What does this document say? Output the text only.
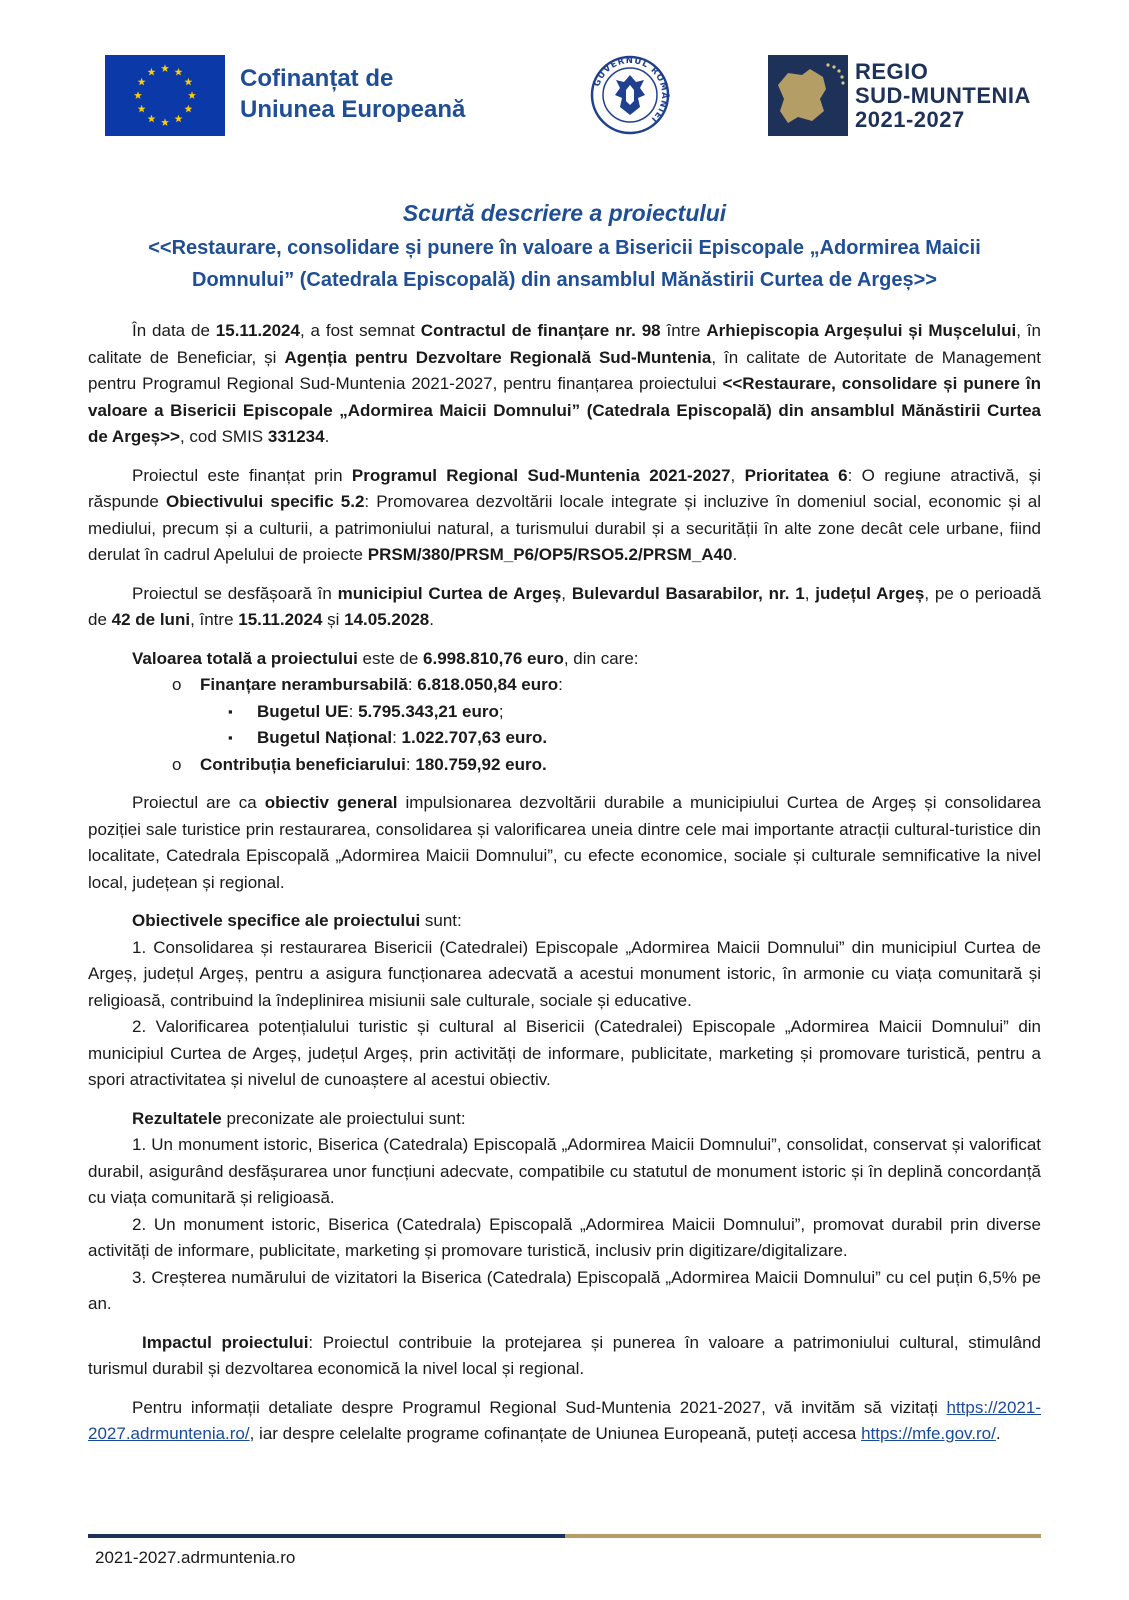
Cofinanțat de
Uniunea Europeană
GUVERNUL ROMÂNIEI
REGIO
SUD-MUNTENIA
2021-2027
Scurtă descriere a proiectului
<<Restaurare, consolidare și punere în valoare a Bisericii Episcopale „Adormirea Maicii
Domnului” (Catedrala Episcopală) din ansamblul Mănăstirii Curtea de Argeș>>

În data de 15.11.2024, a fost semnat Contractul de finanțare nr. 98 între Arhiepiscopia Argeșului și Mușcelului, în calitate de Beneficiar, și Agenția pentru Dezvoltare Regională Sud-Muntenia, în calitate de Autoritate de Management pentru Programul Regional Sud-Muntenia 2021-2027, pentru finanțarea proiectului <<Restaurare, consolidare și punere în valoare a Bisericii Episcopale „Adormirea Maicii Domnului” (Catedrala Episcopală) din ansamblul Mănăstirii Curtea de Argeș>>, cod SMIS 331234.

Proiectul este finanțat prin Programul Regional Sud-Muntenia 2021-2027, Prioritatea 6: O regiune atractivă, și răspunde Obiectivului specific 5.2: Promovarea dezvoltării locale integrate și incluzive în domeniul social, economic și al mediului, precum și a culturii, a patrimoniului natural, a turismului durabil și a securității în alte zone decât cele urbane, fiind derulat în cadrul Apelului de proiecte PRSM/380/PRSM_P6/OP5/RSO5.2/PRSM_A40.

Proiectul se desfășoară în municipiul Curtea de Argeș, Bulevardul Basarabilor, nr. 1, județul Argeș, pe o perioadă de 42 de luni, între 15.11.2024 și 14.05.2028.

Valoarea totală a proiectului este de 6.998.810,76 euro, din care:

o Finanțare nerambursabilă: 6.818.050,84 euro:
▪ Bugetul UE: 5.795.343,21 euro;
▪ Bugetul Național: 1.022.707,63 euro.
o Contribuția beneficiarului: 180.759,92 euro.

Proiectul are ca obiectiv general impulsionarea dezvoltării durabile a municipiului Curtea de Argeș și consolidarea poziției sale turistice prin restaurarea, consolidarea și valorificarea uneia dintre cele mai importante atracții cultural-turistice din localitate, Catedrala Episcopală „Adormirea Maicii Domnului”, cu efecte economice, sociale și culturale semnificative la nivel local, județean și regional.

Obiectivele specifice ale proiectului sunt:

1. Consolidarea și restaurarea Bisericii (Catedralei) Episcopale „Adormirea Maicii Domnului” din municipiul Curtea de Argeș, județul Argeș, pentru a asigura funcționarea adecvată a acestui monument istoric, în armonie cu viața comunitară și religioasă, contribuind la îndeplinirea misiunii sale culturale, sociale și educative.

2. Valorificarea potențialului turistic și cultural al Bisericii (Catedralei) Episcopale „Adormirea Maicii Domnului” din municipiul Curtea de Argeș, județul Argeș, prin activități de informare, publicitate, marketing și promovare turistică, pentru a spori atractivitatea și nivelul de cunoaștere al acestui obiectiv.

Rezultatele preconizate ale proiectului sunt:

1. Un monument istoric, Biserica (Catedrala) Episcopală „Adormirea Maicii Domnului”, consolidat, conservat și valorificat durabil, asigurând desfășurarea unor funcțiuni adecvate, compatibile cu statutul de monument istoric și în deplină concordanță cu viața comunitară și religioasă.

2. Un monument istoric, Biserica (Catedrala) Episcopală „Adormirea Maicii Domnului”, promovat durabil prin diverse activități de informare, publicitate, marketing și promovare turistică, inclusiv prin digitizare/digitalizare.

3. Creșterea numărului de vizitatori la Biserica (Catedrala) Episcopală „Adormirea Maicii Domnului” cu cel puțin 6,5% pe an.

Impactul proiectului: Proiectul contribuie la protejarea și punerea în valoare a patrimoniului cultural, stimulând turismul durabil și dezvoltarea economică la nivel local și regional.

Pentru informații detaliate despre Programul Regional Sud-Muntenia 2021-2027, vă invităm să vizitați https://2021-2027.adrmuntenia.ro/, iar despre celelalte programe cofinanțate de Uniunea Europeană, puteți accesa https://mfe.gov.ro/.

2021-2027.adrmuntenia.ro
